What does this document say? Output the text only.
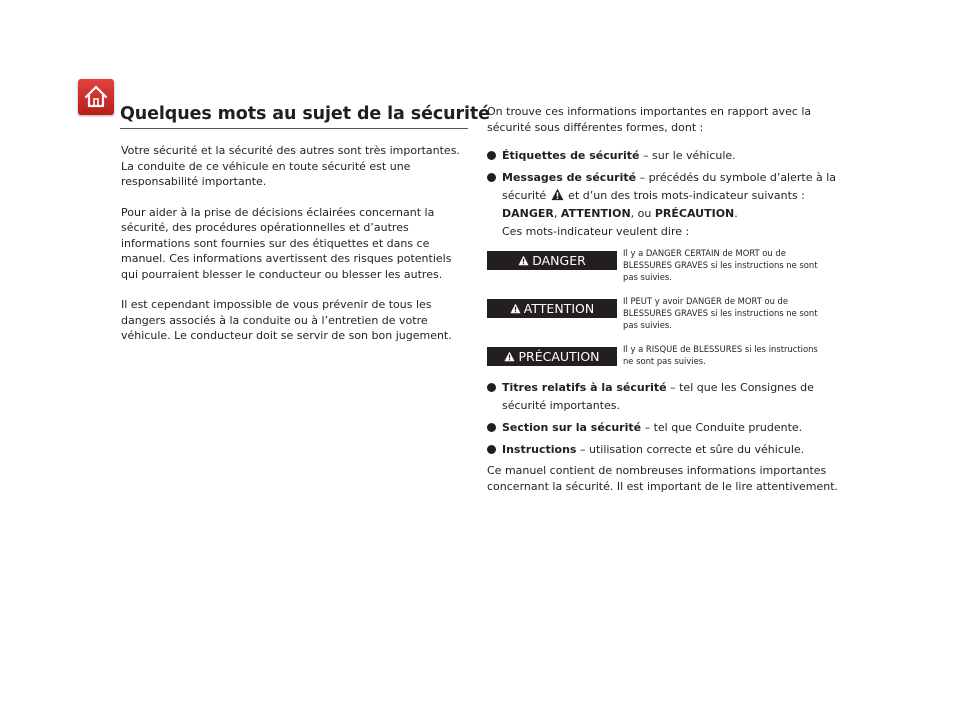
Quelques mots au sujet de la sécurité

Votre sécurité et la sécurité des autres sont très importantes. La conduite de ce véhicule en toute sécurité est une responsabilité importante.

Pour aider à la prise de décisions éclairées concernant la sécurité, des procédures opérationnelles et d’autres informations sont fournies sur des étiquettes et dans ce manuel. Ces informations avertissent des risques potentiels qui pourraient blesser le conducteur ou blesser les autres.

Il est cependant impossible de vous prévenir de tous les dangers associés à la conduite ou à l’entretien de votre véhicule. Le conducteur doit se servir de son bon jugement.

On trouve ces informations importantes en rapport avec la sécurité sous différentes formes, dont :

Étiquettes de sécurité – sur le véhicule.
Messages de sécurité – précédés du symbole d’alerte à la
sécurité  et d’un des trois mots-indicateur suivants :
DANGER, ATTENTION, ou PRÉCAUTION.
Ces mots-indicateur veulent dire :
DANGER	Il y a DANGER CERTAIN de MORT ou de BLESSURES GRAVES si les instructions ne sont pas suivies.
ATTENTION	Il PEUT y avoir DANGER de MORT ou de BLESSURES GRAVES si les instructions ne sont pas suivies.
PRÉCAUTION	Il y a RISQUE de BLESSURES si les instructions ne sont pas suivies.
Titres relatifs à la sécurité – tel que les Consignes de sécurité importantes.
Section sur la sécurité – tel que Conduite prudente.
Instructions – utilisation correcte et sûre du véhicule.

Ce manuel contient de nombreuses informations importantes concernant la sécurité. Il est important de le lire attentivement.
